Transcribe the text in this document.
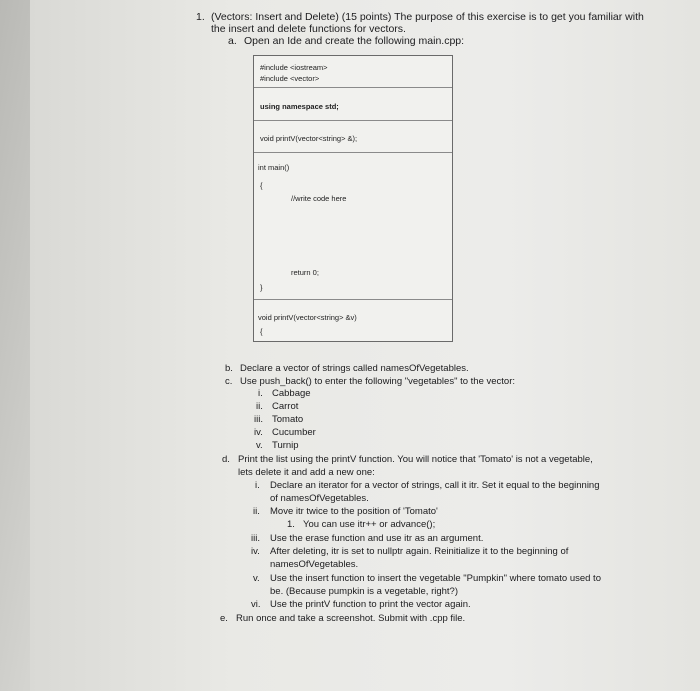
1. (Vectors: Insert and Delete) (15 points) The purpose of this exercise is to get you familiar with
the insert and delete functions for vectors.
a. Open an Ide and create the following main.cpp:
#include <iostream>
#include <vector>
using namespace std;
void printV(vector<string> &);
int main()
{
//write code here
return 0;
}
void printV(vector<string> &v)
{
b. Declare a vector of strings called namesOfVegetables.
c. Use push_back() to enter the following "vegetables" to the vector:
i. Cabbage
ii. Carrot
iii. Tomato
iv. Cucumber
v. Turnip
d. Print the list using the printV function. You will notice that 'Tomato' is not a vegetable,
lets delete it and add a new one:
i. Declare an iterator for a vector of strings, call it itr. Set it equal to the beginning
of namesOfVegetables.
ii. Move itr twice to the position of 'Tomato'
1. You can use itr++ or advance();
iii. Use the erase function and use itr as an argument.
iv. After deleting, itr is set to nullptr again. Reinitialize it to the beginning of
namesOfVegetables.
v. Use the insert function to insert the vegetable "Pumpkin" where tomato used to
be. (Because pumpkin is a vegetable, right?)
vi. Use the printV function to print the vector again.
e. Run once and take a screenshot. Submit with .cpp file.
